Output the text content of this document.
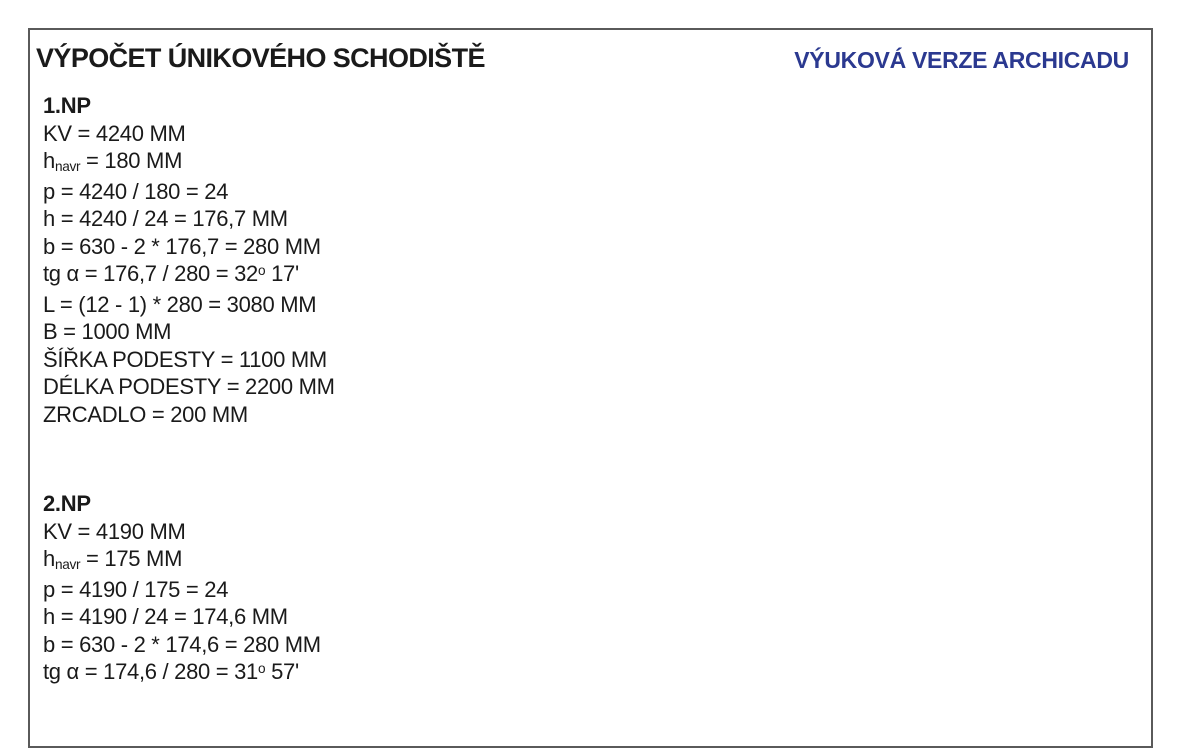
VÝPOČET ÚNIKOVÉHO SCHODIŠTĚ	VÝUKOVÁ VERZE ARCHICADU
1.NP
KV = 4240 MM
hnavr = 180 MM
p = 4240 / 180 = 24
h = 4240 / 24 = 176,7 MM
b = 630 - 2 * 176,7 = 280 MM
tg $\alpha = 176,7 / 280 = 32^o$ 17'
L = (12 - 1) * 280 = 3080 MM
B = 1000 MM
ŠÍŘKA PODESTY = 1100 MM
DÉLKA PODESTY = 2200 MM
ZRCADLO = 200 MM
2.NP
KV = 4190 MM
hnavr = 175 MM
p = 4190 / 175 = 24
h = 4190 / 24 = 174,6 MM
b = 630 - 2 * 174,6 = 280 MM
tg $\alpha = 174,6 / 280 = 31^o$ 57'
